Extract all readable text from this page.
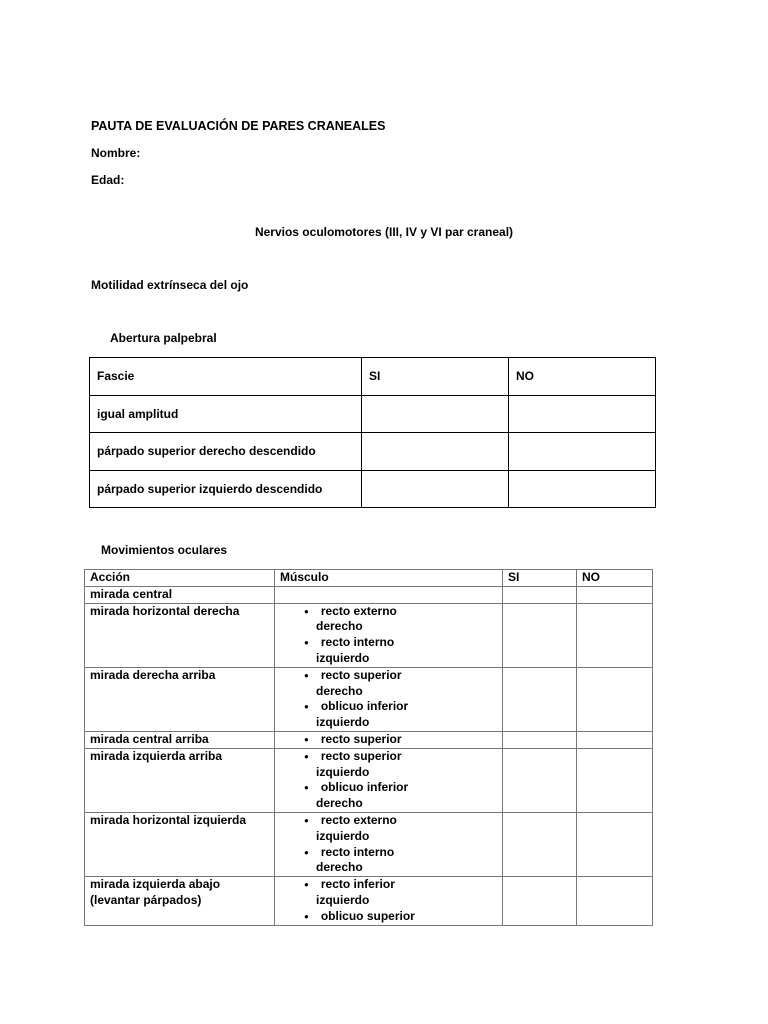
PAUTA DE EVALUACIÓN DE PARES CRANEALES
Nombre:
Edad:
Nervios oculomotores (III, IV y VI par craneal)
Motilidad extrínseca del ojo
Abertura palpebral
Fascie	SI	NO
igual amplitud		
párpado superior derecho descendido		
párpado superior izquierdo descendido		
Movimientos oculares
Acción	Músculo	SI	NO
mirada central			
mirada horizontal derecha	● recto externo
derecho
● recto interno
izquierdo

mirada derecha arriba	● recto superior
derecho
● oblicuo inferior
izquierdo

mirada central arriba	● recto superior

mirada izquierda arriba	● recto superior
izquierdo
● oblicuo inferior
derecho

mirada horizontal izquierda	● recto externo
izquierdo
● recto interno
derecho

mirada izquierda abajo (levantar párpados)	● recto inferior
izquierdo
● oblicuo superior
